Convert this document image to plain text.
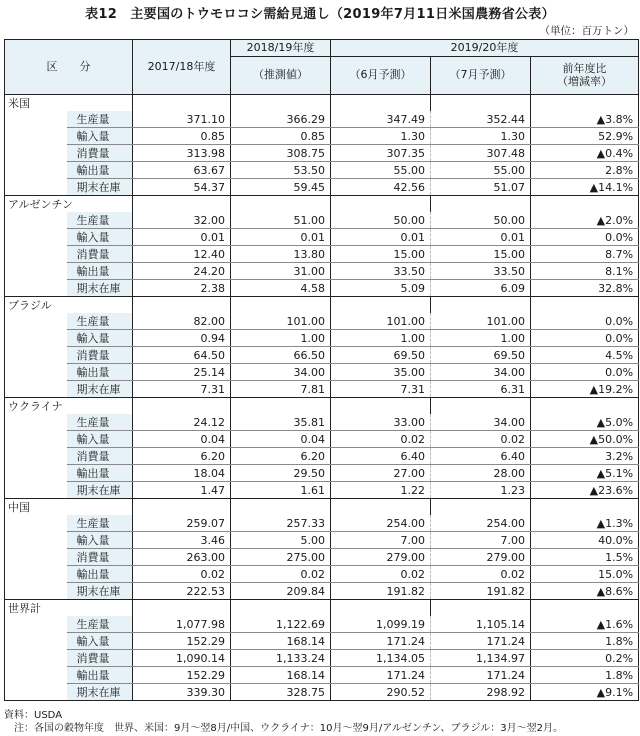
表12　主要国のトウモロコシ需給見通し（2019年7月11日米国農務省公表）
（単位：百万トン）
区　　分		2017/18年度	2018/19年度	2019/20年度		
			（推測値）	（6月予測）	（7月予測）	前年度比
（増減率）
米国						
	生産量	371.10	366.29	347.49	352.44	▲3.8%
	輸入量	0.85	0.85	1.30	1.30	52.9%
	消費量	313.98	308.75	307.35	307.48	▲0.4%
	輸出量	63.67	53.50	55.00	55.00	2.8%
	期末在庫	54.37	59.45	42.56	51.07	▲14.1%
アルゼンチン						
	生産量	32.00	51.00	50.00	50.00	▲2.0%
	輸入量	0.01	0.01	0.01	0.01	0.0%
	消費量	12.40	13.80	15.00	15.00	8.7%
	輸出量	24.20	31.00	33.50	33.50	8.1%
	期末在庫	2.38	4.58	5.09	6.09	32.8%
ブラジル						
	生産量	82.00	101.00	101.00	101.00	0.0%
	輸入量	0.94	1.00	1.00	1.00	0.0%
	消費量	64.50	66.50	69.50	69.50	4.5%
	輸出量	25.14	34.00	35.00	34.00	0.0%
	期末在庫	7.31	7.81	7.31	6.31	▲19.2%
ウクライナ						
	生産量	24.12	35.81	33.00	34.00	▲5.0%
	輸入量	0.04	0.04	0.02	0.02	▲50.0%
	消費量	6.20	6.20	6.40	6.40	3.2%
	輸出量	18.04	29.50	27.00	28.00	▲5.1%
	期末在庫	1.47	1.61	1.22	1.23	▲23.6%
中国						
	生産量	259.07	257.33	254.00	254.00	▲1.3%
	輸入量	3.46	5.00	7.00	7.00	40.0%
	消費量	263.00	275.00	279.00	279.00	1.5%
	輸出量	0.02	0.02	0.02	0.02	15.0%
	期末在庫	222.53	209.84	191.82	191.82	▲8.6%
世界計						
	生産量	1,077.98	1,122.69	1,099.19	1,105.14	▲1.6%
	輸入量	152.29	168.14	171.24	171.24	1.8%
	消費量	1,090.14	1,133.24	1,134.05	1,134.97	0.2%
	輸出量	152.29	168.14	171.24	171.24	1.8%
	期末在庫	339.30	328.75	290.52	298.92	▲9.1%
資料：USDA
　注：各国の穀物年度　世界、米国：9月～翌8月/中国、ウクライナ：10月～翌9月/アルゼンチン、ブラジル：3月～翌2月。
